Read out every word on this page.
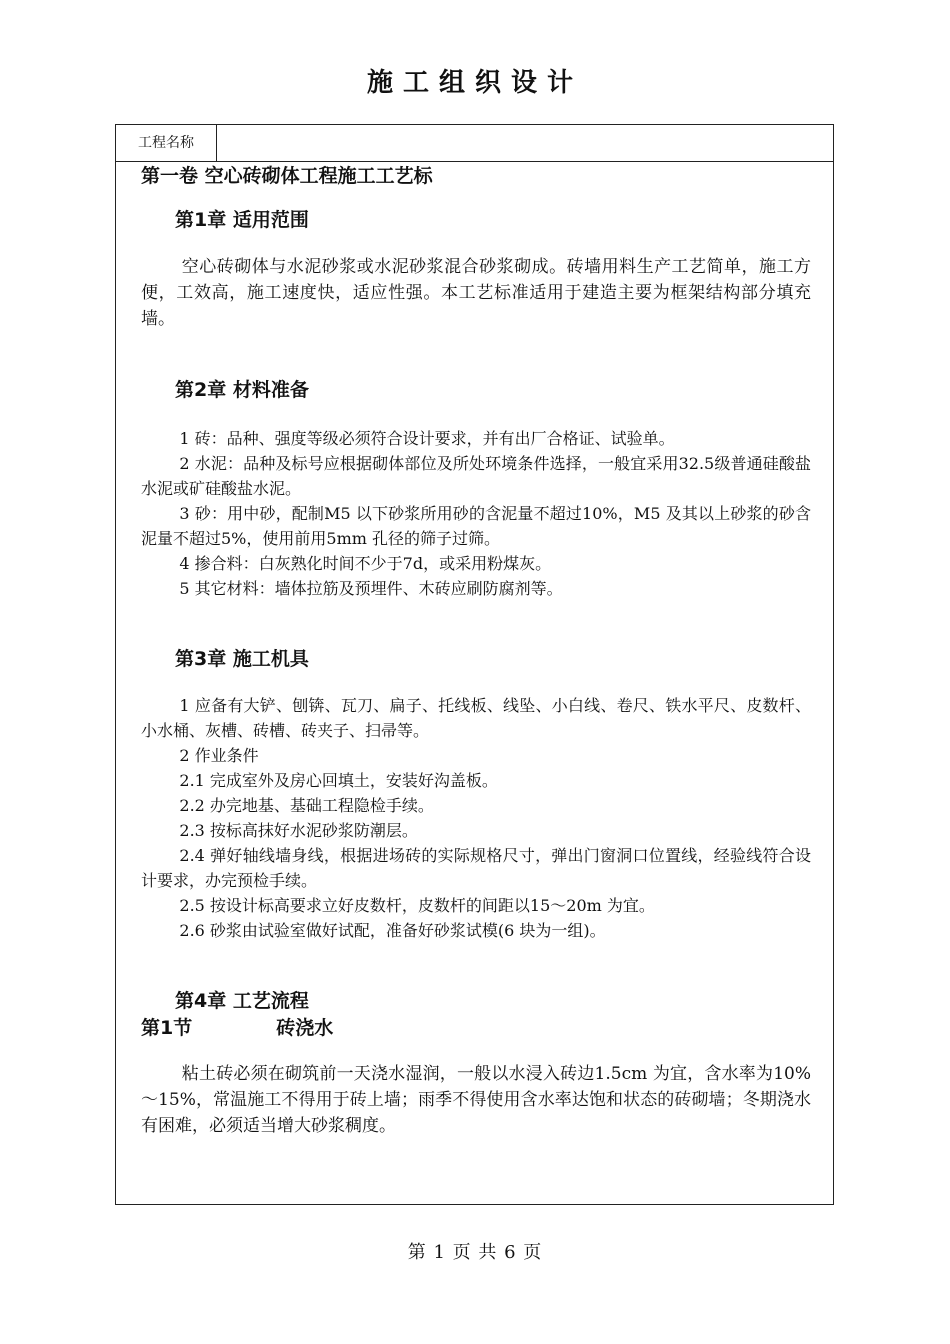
施工组织设计
工程名称
第一卷 空心砖砌体工程施工工艺标
第1章 适用范围

空心砖砌体与水泥砂浆或水泥砂浆混合砂浆砌成。砖墙用料生产工艺简单，施工方便，工效高，施工速度快，适应性强。本工艺标准适用于建造主要为框架结构部分填充墙。

第2章 材料准备

1 砖：品种、强度等级必须符合设计要求，并有出厂合格证、试验单。

2 水泥：品种及标号应根据砌体部位及所处环境条件选择，一般宜采用32.5级普通硅酸盐水泥或矿硅酸盐水泥。

3 砂：用中砂，配制M5 以下砂浆所用砂的含泥量不超过10%，M5 及其以上砂浆的砂含泥量不超过5%，使用前用5mm 孔径的筛子过筛。

4 掺合料：白灰熟化时间不少于7d，或采用粉煤灰。

5 其它材料：墙体拉筋及预埋件、木砖应刷防腐剂等。

第3章 施工机具

1 应备有大铲、刨锛、瓦刀、扁子、托线板、线坠、小白线、卷尺、铁水平尺、皮数杆、小水桶、灰槽、砖槽、砖夹子、扫帚等。

2 作业条件

2.1 完成室外及房心回填土，安装好沟盖板。

2.2 办完地基、基础工程隐检手续。

2.3 按标高抹好水泥砂浆防潮层。

2.4 弹好轴线墙身线，根据进场砖的实际规格尺寸，弹出门窗洞口位置线，经验线符合设计要求，办完预检手续。

2.5 按设计标高要求立好皮数杆，皮数杆的间距以15～20m 为宜。

2.6 砂浆由试验室做好试配，准备好砂浆试模(6 块为一组)。

第4章 工艺流程
第1节	砖浇水

粘土砖必须在砌筑前一天浇水湿润，一般以水浸入砖边1.5cm 为宜，含水率为10%～15%，常温施工不得用于砖上墙；雨季不得使用含水率达饱和状态的砖砌墙；冬期浇水有困难，必须适当增大砂浆稠度。

第 1 页 共 6 页
